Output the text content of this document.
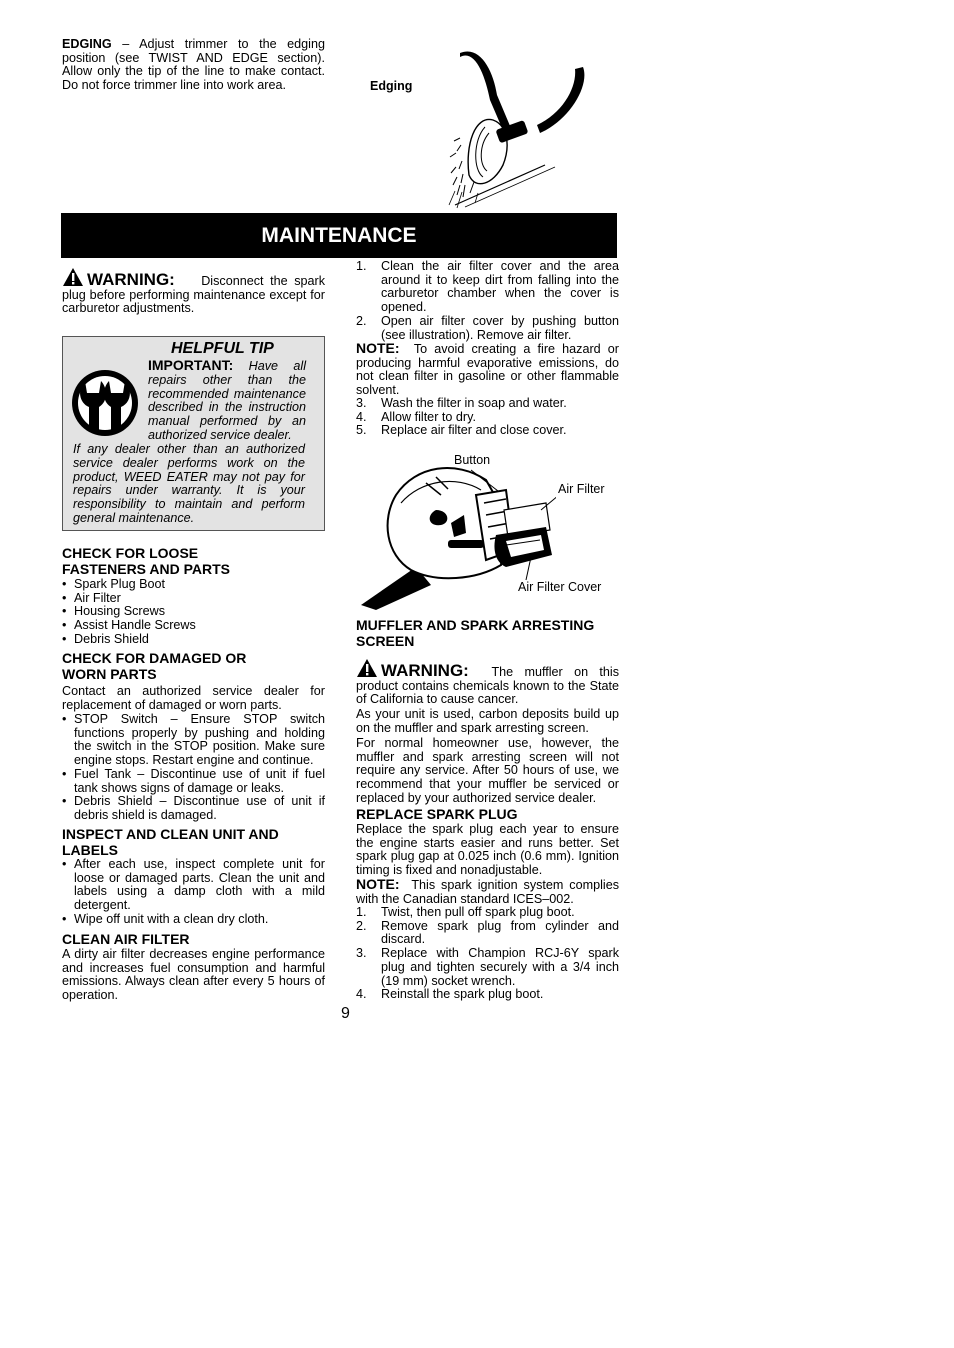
EDGING – Adjust trimmer to the edging position (see TWIST AND EDGE section). Allow only the tip of the line to make contact. Do not force trimmer line into work area.	Edging
MAINTENANCE

WARNING: Disconnect the spark plug before performing maintenance except for carburetor adjustments.

HELPFUL TIP

IMPORTANT: Have all repairs other than the recommended maintenance described in the instruction manual performed by an authorized service dealer.

If any dealer other than an authorized service dealer performs work on the product, WEED EATER may not pay for repairs under warranty. It is your responsibility to maintain and perform general maintenance.

CHECK FOR LOOSE FASTENERS AND PARTS
• Spark Plug Boot
• Air Filter
• Housing Screws
• Assist Handle Screws
• Debris Shield
CHECK FOR DAMAGED OR WORN PARTS

Contact an authorized service dealer for replacement of damaged or worn parts.

• STOP Switch – Ensure STOP switch functions properly by pushing and holding the switch in the STOP position. Make sure engine stops. Restart engine and continue.
• Fuel Tank – Discontinue use of unit if fuel tank shows signs of damage or leaks.
• Debris Shield – Discontinue use of unit if debris shield is damaged.
INSPECT AND CLEAN UNIT AND LABELS
• After each use, inspect complete unit for loose or damaged parts. Clean the unit and labels using a damp cloth with a mild detergent.
• Wipe off unit with a clean dry cloth.
CLEAN AIR FILTER

A dirty air filter decreases engine performance and increases fuel consumption and harmful emissions. Always clean after every 5 hours of operation.

1. Clean the air filter cover and the area around it to keep dirt from falling into the carburetor chamber when the cover is opened.
2. Open air filter cover by pushing button (see illustration). Remove air filter.

NOTE: To avoid creating a fire hazard or producing harmful evaporative emissions, do not clean filter in gasoline or other flammable solvent.

3. Wash the filter in soap and water.
4. Allow filter to dry.
5. Replace air filter and close cover.
Button
Air Filter
Air Filter Cover
MUFFLER AND SPARK ARRESTING SCREEN

WARNING: The muffler on this product contains chemicals known to the State of California to cause cancer.

As your unit is used, carbon deposits build up on the muffler and spark arresting screen.

For normal homeowner use, however, the muffler and spark arresting screen will not require any service. After 50 hours of use, we recommend that your muffler be serviced or replaced by your authorized service dealer.

REPLACE SPARK PLUG

Replace the spark plug each year to ensure the engine starts easier and runs better. Set spark plug gap at 0.025 inch (0.6 mm). Ignition timing is fixed and nonadjustable.

NOTE: This spark ignition system complies with the Canadian standard ICES–002.

1. Twist, then pull off spark plug boot.
2. Remove spark plug from cylinder and discard.
3. Replace with Champion RCJ-6Y spark plug and tighten securely with a 3/4 inch (19 mm) socket wrench.
4. Reinstall the spark plug boot.
9
